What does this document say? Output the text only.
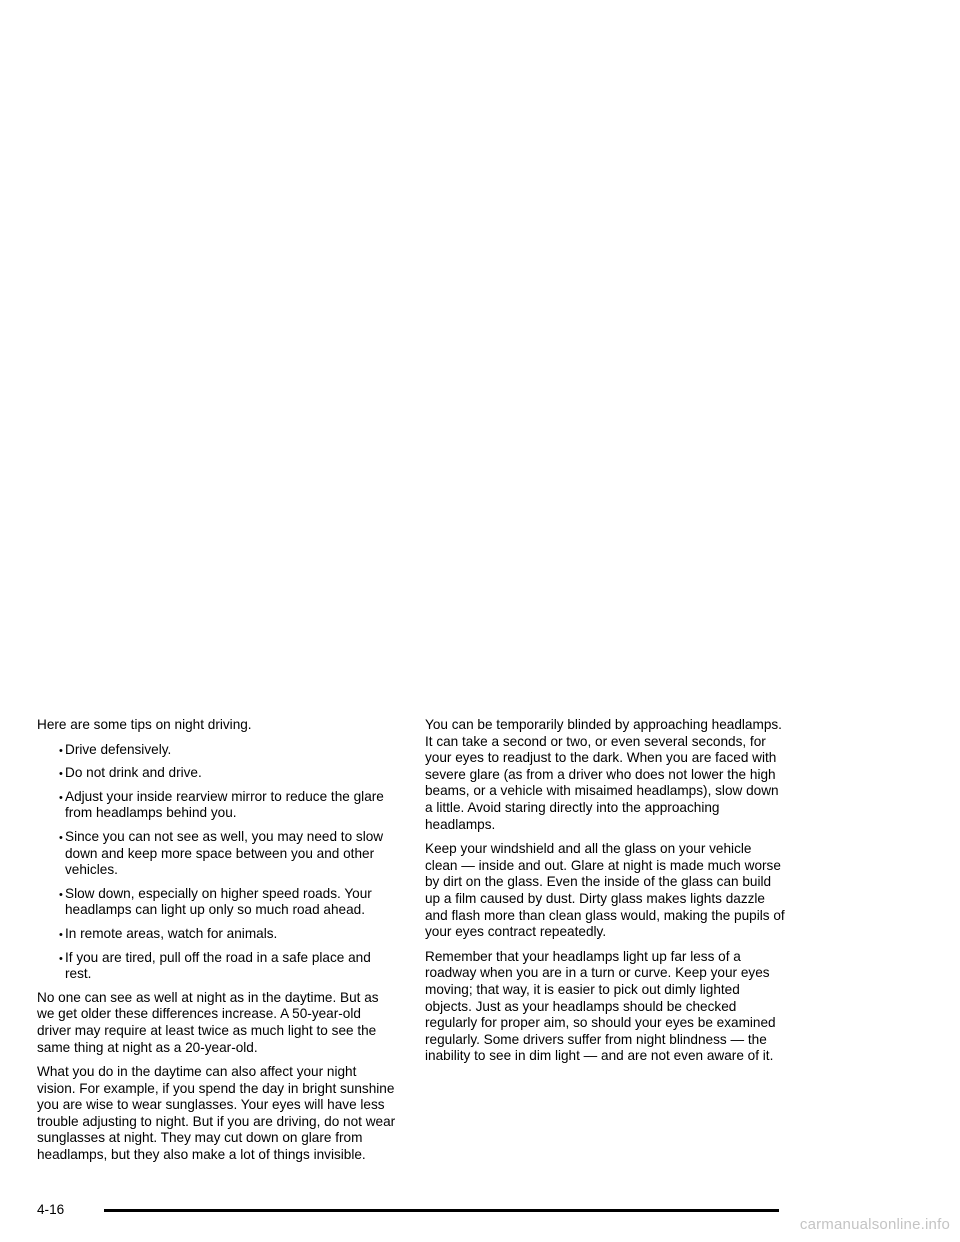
Here are some tips on night driving.

• Drive defensively.
• Do not drink and drive.
• Adjust your inside rearview mirror to reduce the glare from headlamps behind you.
• Since you can not see as well, you may need to slow down and keep more space between you and other vehicles.
• Slow down, especially on higher speed roads. Your headlamps can light up only so much road ahead.
• In remote areas, watch for animals.
• If you are tired, pull off the road in a safe place and rest.

No one can see as well at night as in the daytime. But as we get older these differences increase. A 50-year-old driver may require at least twice as much light to see the same thing at night as a 20-year-old.

What you do in the daytime can also affect your night vision. For example, if you spend the day in bright sunshine you are wise to wear sunglasses. Your eyes will have less trouble adjusting to night. But if you are driving, do not wear sunglasses at night. They may cut down on glare from headlamps, but they also make a lot of things invisible.

You can be temporarily blinded by approaching headlamps. It can take a second or two, or even several seconds, for your eyes to readjust to the dark. When you are faced with severe glare (as from a driver who does not lower the high beams, or a vehicle with misaimed headlamps), slow down a little. Avoid staring directly into the approaching headlamps.

Keep your windshield and all the glass on your vehicle clean — inside and out. Glare at night is made much worse by dirt on the glass. Even the inside of the glass can build up a film caused by dust. Dirty glass makes lights dazzle and flash more than clean glass would, making the pupils of your eyes contract repeatedly.

Remember that your headlamps light up far less of a roadway when you are in a turn or curve. Keep your eyes moving; that way, it is easier to pick out dimly lighted objects. Just as your headlamps should be checked regularly for proper aim, so should your eyes be examined regularly. Some drivers suffer from night blindness — the inability to see in dim light — and are not even aware of it.

4-16
carmanualsonline.info
